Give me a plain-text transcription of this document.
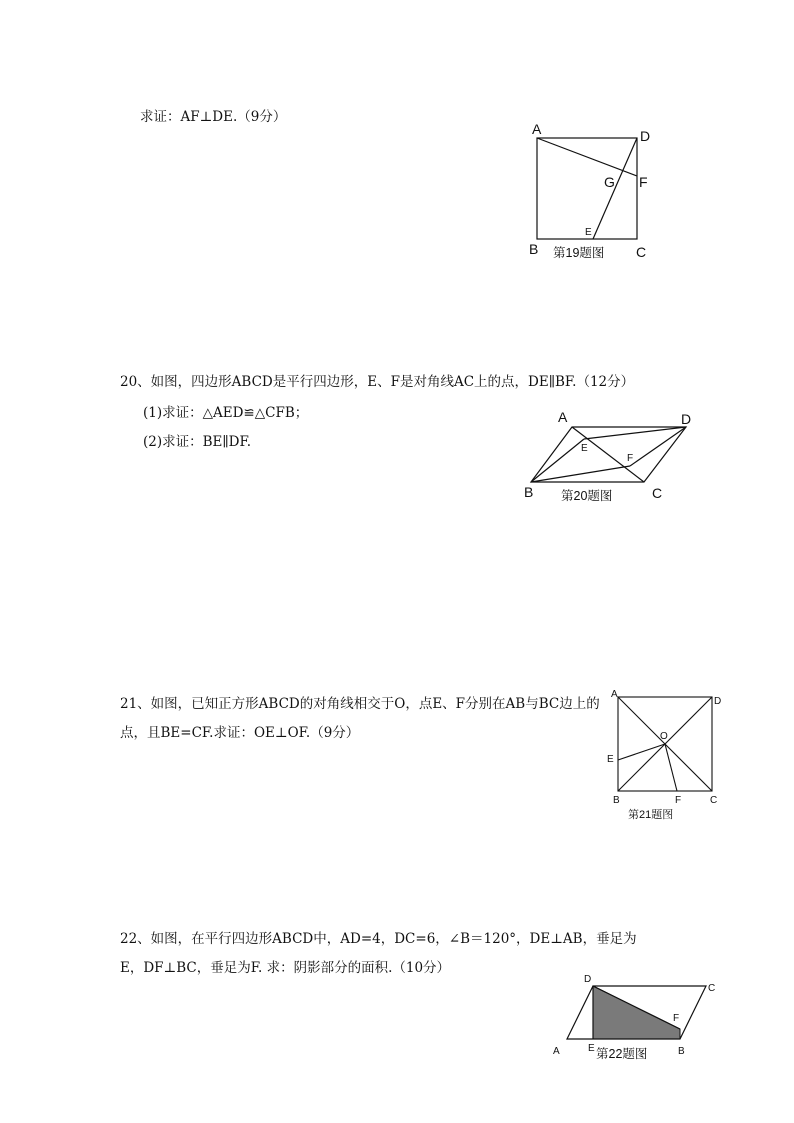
求证：AF⊥DE.（9分）
A	D
G F
E
B	C
第19题图
20、如图，四边形ABCD是平行四边形，E、F是对角线AC上的点，DE∥BF.（12分）
(1)求证：△AED≌△CFB；
(2)求证：BE∥DF.
A	D
E
F
B	C
第20题图
21、如图，已知正方形ABCD的对角线相交于O，点E、F分别在AB与BC边上的
点，且BE=CF.求证：OE⊥OF.（9分）
A
D
O
E
B	F	C
第21题图
22、如图，在平行四边形ABCD中，AD=4，DC=6，∠B＝120°，DE⊥AB，垂足为
E，DF⊥BC，垂足为F. 求：阴影部分的面积.（10分）
D
C
F
A	E	B
第22题图
